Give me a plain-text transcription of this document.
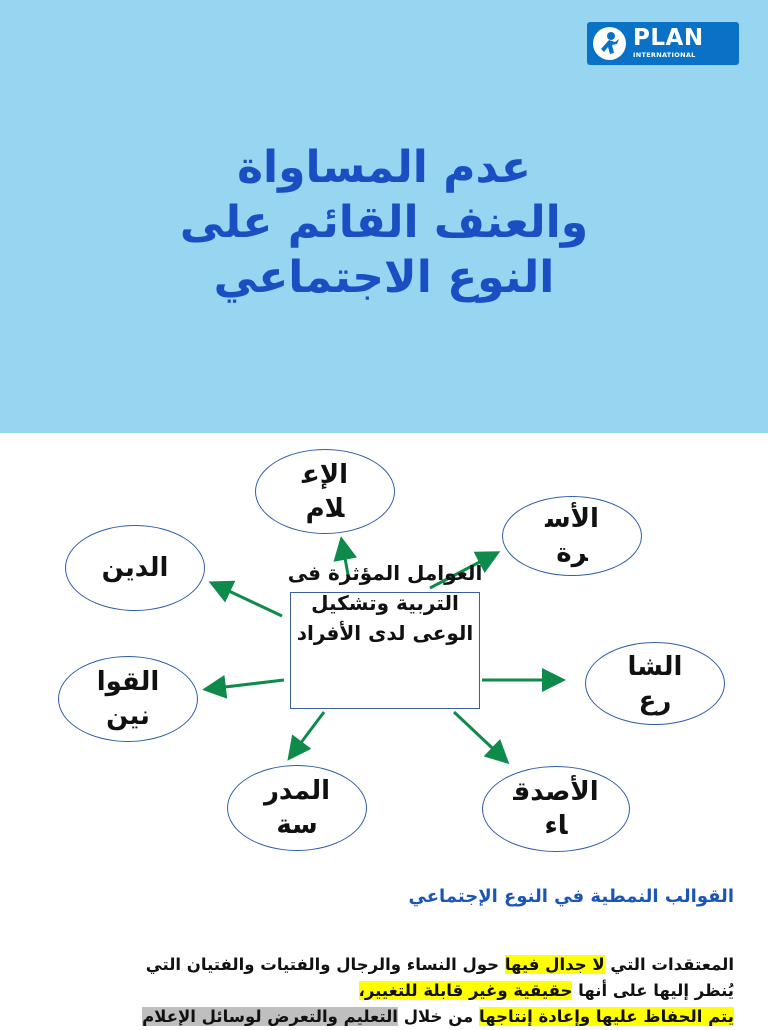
PLAN
INTERNATIONAL
عدم المساواة
والعنف القائم على
النوع الاجتماعي
الإعلام	الأسرة
الدين
الشارع
القوانين
المدرسة
الأصدقاء
العوامل المؤثرة فى التربية وتشكيل الوعى لدى الأفراد
القوالب النمطية في النوع الإجتماعي
المعتقدات التي لا جدال فيها حول النساء والرجال والفتيات والفتيان التي
يُنظر إليها على أنها حقيقية وغير قابلة للتغيير،
يتم الحفاظ عليها وإعادة إنتاجها من خلال التعليم والتعرض لوسائل الإعلام
